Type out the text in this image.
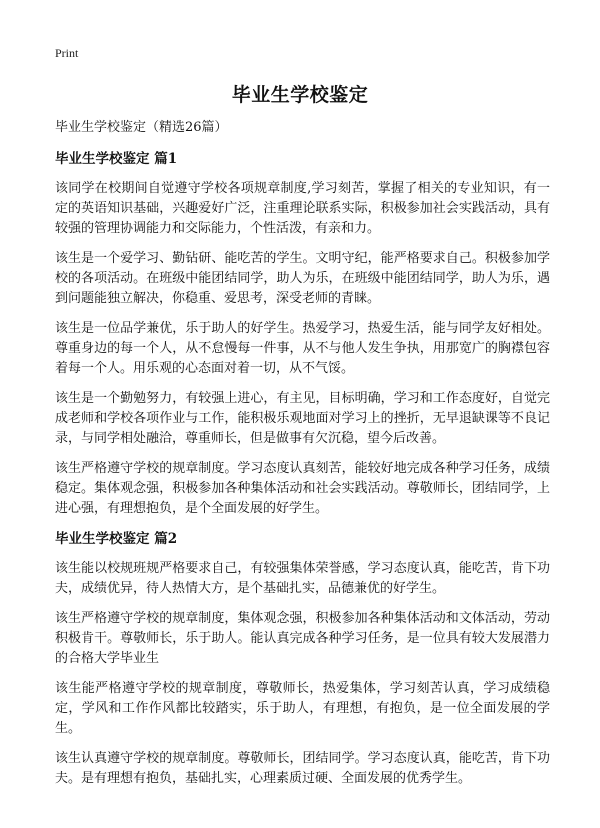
Print
毕业生学校鉴定

毕业生学校鉴定（精选26篇）

毕业生学校鉴定 篇1

该同学在校期间自觉遵守学校各项规章制度,学习刻苦，掌握了相关的专业知识，有一定的英语知识基础，兴趣爱好广泛，注重理论联系实际，积极参加社会实践活动，具有较强的管理协调能力和交际能力，个性活泼，有亲和力。

该生是一个爱学习、勤钻研、能吃苦的学生。文明守纪，能严格要求自己。积极参加学校的各项活动。在班级中能团结同学，助人为乐，在班级中能团结同学，助人为乐，遇到问题能独立解决，你稳重、爱思考，深受老师的青睐。

该生是一位品学兼优，乐于助人的好学生。热爱学习，热爱生活，能与同学友好相处。尊重身边的每一个人，从不怠慢每一件事，从不与他人发生争执，用那宽广的胸襟包容着每一个人。用乐观的心态面对着一切，从不气馁。

该生是一个勤勉努力，有较强上进心，有主见，目标明确，学习和工作态度好，自觉完成老师和学校各项作业与工作，能积极乐观地面对学习上的挫折，无早退缺课等不良记录，与同学相处融洽，尊重师长，但是做事有欠沉稳，望今后改善。

该生严格遵守学校的规章制度。学习态度认真刻苦，能较好地完成各种学习任务，成绩稳定。集体观念强，积极参加各种集体活动和社会实践活动。尊敬师长，团结同学，上进心强，有理想抱负，是个全面发展的好学生。

毕业生学校鉴定 篇2

该生能以校规班规严格要求自己，有较强集体荣誉感，学习态度认真，能吃苦，肯下功夫，成绩优异，待人热情大方，是个基础扎实，品德兼优的好学生。

该生严格遵守学校的规章制度，集体观念强，积极参加各种集体活动和文体活动，劳动积极肯干。尊敬师长，乐于助人。能认真完成各种学习任务，是一位具有较大发展潜力的合格大学毕业生

该生能严格遵守学校的规章制度，尊敬师长，热爱集体，学习刻苦认真，学习成绩稳定，学风和工作作风都比较踏实，乐于助人，有理想，有抱负，是一位全面发展的学生。

该生认真遵守学校的规章制度。尊敬师长，团结同学。学习态度认真，能吃苦，肯下功夫。是有理想有抱负，基础扎实，心理素质过硬、全面发展的优秀学生。
